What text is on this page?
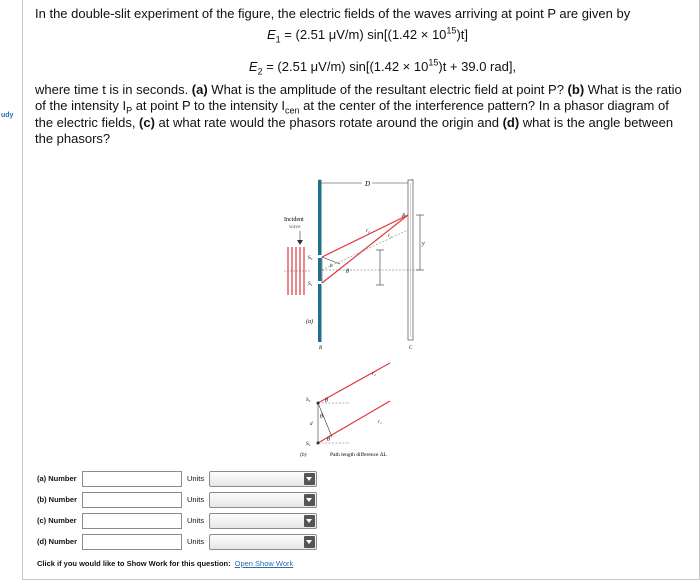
udy

In the double-slit experiment of the figure, the electric fields of the waves arriving at point P are given by

$E_1 = (2.51$ μV/m) $\sin[(1.42 \times 10^{15})t]$

$E_2 = (2.51$ μV/m) $\sin[(1.42 \times 10^{15})t + 39.0$ rad],

where time t is in seconds. (a) What is the amplitude of the resultant electric field at point P? (b) What is the ratio of the intensity $I_P$ at point P to the intensity $I_{cen}$ at the center of the interference pattern? In a phasor diagram of the electric fields, (c) at what rate would the phasors rotate around the origin and (d) what is the angle between the phasors?

D
Incident
wave
S₂
S₁
θ
b
r₂
r₁
P
y
(a)
B	C
S₂
S₁
θ
θ
θ
d
r₂
r₁
(b)	Path length difference ΔL
(a) Number	Units
(b) Number	Units
(c) Number	Units
(d) Number	Units
Click if you would like to Show Work for this question: Open Show Work
